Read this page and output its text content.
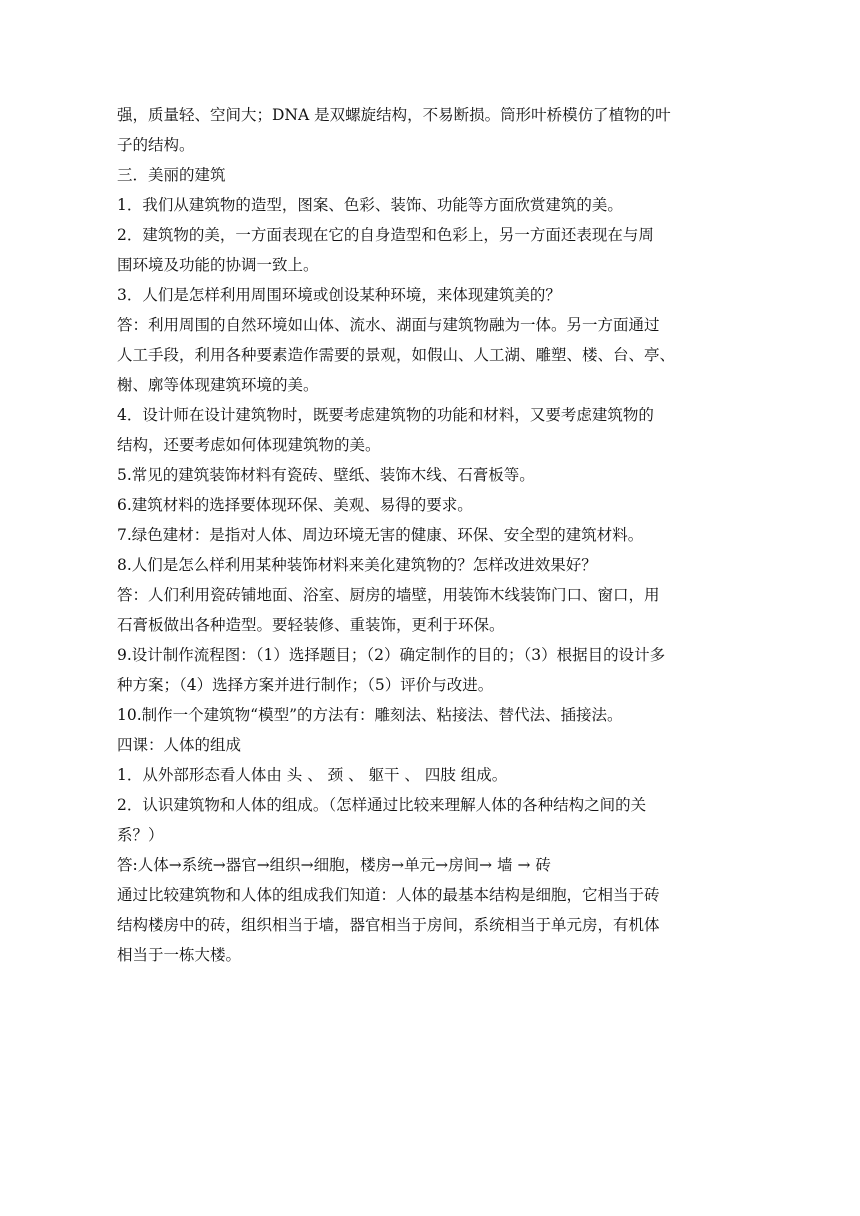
强，质量轻、空间大；DNA 是双螺旋结构，不易断损。筒形叶桥模仿了植物的叶
子的结构。
三．美丽的建筑
1．我们从建筑物的造型，图案、色彩、装饰、功能等方面欣赏建筑的美。
2．建筑物的美，一方面表现在它的自身造型和色彩上，另一方面还表现在与周
围环境及功能的协调一致上。
3．人们是怎样利用周围环境或创设某种环境，来体现建筑美的？
答：利用周围的自然环境如山体、流水、湖面与建筑物融为一体。另一方面通过
人工手段，利用各种要素造作需要的景观，如假山、人工湖、雕塑、楼、台、亭、
榭、廓等体现建筑环境的美。
4．设计师在设计建筑物时，既要考虑建筑物的功能和材料，又要考虑建筑物的
结构，还要考虑如何体现建筑物的美。
5.常见的建筑装饰材料有瓷砖、壁纸、装饰木线、石膏板等。
6.建筑材料的选择要体现环保、美观、易得的要求。
7.绿色建材：是指对人体、周边环境无害的健康、环保、安全型的建筑材料。
8.人们是怎么样利用某种装饰材料来美化建筑物的？怎样改进效果好？
答：人们利用瓷砖铺地面、浴室、厨房的墙壁，用装饰木线装饰门口、窗口，用
石膏板做出各种造型。要轻装修、重装饰，更利于环保。
9.设计制作流程图：（1）选择题目；（2）确定制作的目的；（3）根据目的设计多
种方案；（4）选择方案并进行制作；（5）评价与改进。
10.制作一个建筑物“模型”的方法有：雕刻法、粘接法、替代法、插接法。
四课：人体的组成
1．从外部形态看人体由 头 、 颈 、 躯干 、 四肢 组成。
2．认识建筑物和人体的组成。（怎样通过比较来理解人体的各种结构之间的关
系？）
答:人体→系统→器官→组织→细胞，楼房→单元→房间→ 墙 → 砖
通过比较建筑物和人体的组成我们知道：人体的最基本结构是细胞，它相当于砖
结构楼房中的砖，组织相当于墙，器官相当于房间，系统相当于单元房，有机体
相当于一栋大楼。
